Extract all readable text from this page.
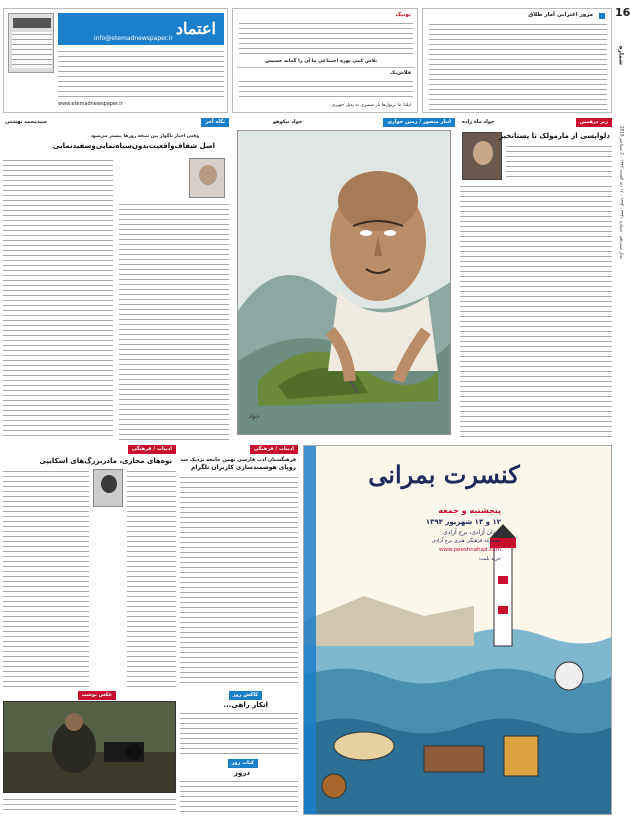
اعتماد
info@etemadnewspaper.ir
www.etemadnewspaper.ir
بوتیک
تلاش کمی بهره اجتماعی ما آن را گمانه خسیس
فلاش‌بک
ایلنا: ما ترنول‌ها بار ضمیری ند یدیل خویری
مرور اغترابی آمار طلاق 16
شماره
سال سیزدهم - شماره ۳۳۴۱ - ۱۳۹۴ - ۱۷ ذی القعده ۱۴۳۶ - 2 سپتامبر 2015
زیر درهمین
جواد ماه زاده
دلواپسی از مارمولک تا پستانخیز
انبار منصور / زمین خواری
جواد نیکوهو
جواد
نگاه آخر
سیدمحمد بهشتی
وقتی اخبار ناگوار بین نتیجه روزها بیشتر می‌شود
اصل شفاف‌واقعیت‌بدون‌سیاه‌نمایی‌و‌سفیدنمایی
کنسرت بمرانی
پنجشنبه و جمعه
۱۲ و ۱۳ شهریور ۱۳۹۴
میدان آزادی، برج آزادی
مجموعه فرهنگی هنری برج آزادی
www.peeshnahad.com
خرید بلیت:
ادبیات / فرهنگی
فرهنگستان ادب فارسی بهمن جامعه نزدیک شد
روپای هوشمندسازی کاربران تلگرام
کاکش روز
انکار راهی...
کتاب روز
دروز
ادبیات / فرهنگی
نوه‌های مجازی، مادربزرگ‌های اسکایپی
عکس نوشت
